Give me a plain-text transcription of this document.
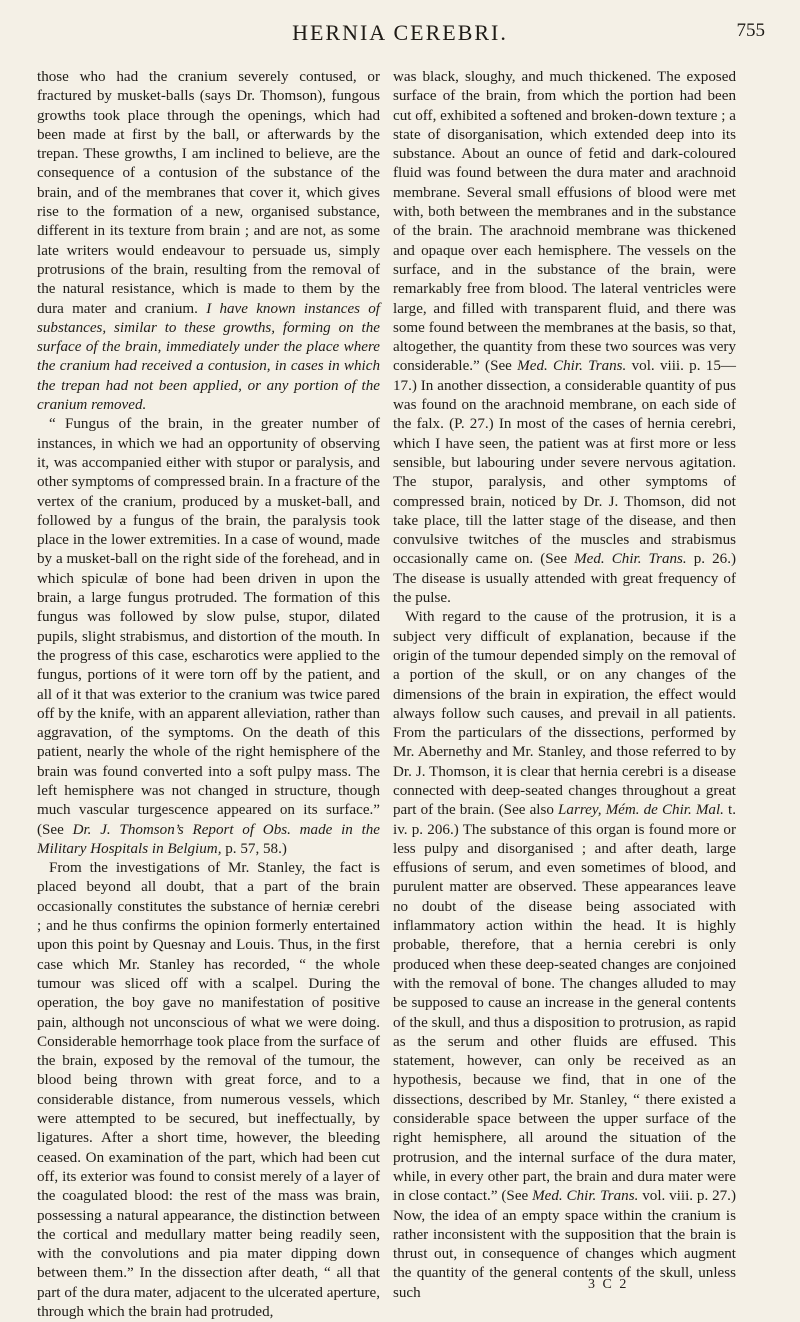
HERNIA CEREBRI.	755

those who had the cranium severely contused, or fractured by musket-balls (says Dr. Thomson), fungous growths took place through the openings, which had been made at first by the ball, or afterwards by the trepan. These growths, I am inclined to believe, are the consequence of a contusion of the substance of the brain, and of the membranes that cover it, which gives rise to the formation of a new, organised substance, different in its texture from brain ; and are not, as some late writers would endeavour to persuade us, simply protrusions of the brain, resulting from the removal of the natural resistance, which is made to them by the dura mater and cranium. I have known instances of substances, similar to these growths, forming on the surface of the brain, immediately under the place where the cranium had received a contusion, in cases in which the trepan had not been applied, or any portion of the cranium removed.

“ Fungus of the brain, in the greater number of instances, in which we had an opportunity of observing it, was accompanied either with stupor or paralysis, and other symptoms of compressed brain. In a fracture of the vertex of the cranium, produced by a musket-ball, and followed by a fungus of the brain, the paralysis took place in the lower extremities. In a case of wound, made by a musket-ball on the right side of the forehead, and in which spiculæ of bone had been driven in upon the brain, a large fungus protruded. The formation of this fungus was followed by slow pulse, stupor, dilated pupils, slight strabismus, and distortion of the mouth. In the progress of this case, escharotics were applied to the fungus, portions of it were torn off by the patient, and all of it that was exterior to the cranium was twice pared off by the knife, with an apparent alleviation, rather than aggravation, of the symptoms. On the death of this patient, nearly the whole of the right hemisphere of the brain was found converted into a soft pulpy mass. The left hemisphere was not changed in structure, though much vascular turgescence appeared on its surface.” (See Dr. J. Thomson’s Report of Obs. made in the Military Hospitals in Belgium, p. 57, 58.)

From the investigations of Mr. Stanley, the fact is placed beyond all doubt, that a part of the brain occasionally constitutes the substance of herniæ cerebri ; and he thus confirms the opinion formerly entertained upon this point by Quesnay and Louis. Thus, in the first case which Mr. Stanley has recorded, “ the whole tumour was sliced off with a scalpel. During the operation, the boy gave no manifestation of positive pain, although not unconscious of what we were doing. Considerable hemorrhage took place from the surface of the brain, exposed by the removal of the tumour, the blood being thrown with great force, and to a considerable distance, from numerous vessels, which were attempted to be secured, but ineffectually, by ligatures. After a short time, however, the bleeding ceased. On examination of the part, which had been cut off, its exterior was found to consist merely of a layer of the coagulated blood: the rest of the mass was brain, possessing a natural appearance, the distinction between the cortical and medullary matter being readily seen, with the convolutions and pia mater dipping down between them.” In the dissection after death, “ all that part of the dura mater, adjacent to the ulcerated aperture, through which the brain had protruded,

was black, sloughy, and much thickened. The exposed surface of the brain, from which the portion had been cut off, exhibited a softened and broken-down texture ; a state of disorganisation, which extended deep into its substance. About an ounce of fetid and dark-coloured fluid was found between the dura mater and arachnoid membrane. Several small effusions of blood were met with, both between the membranes and in the substance of the brain. The arachnoid membrane was thickened and opaque over each hemisphere. The vessels on the surface, and in the substance of the brain, were remarkably free from blood. The lateral ventricles were large, and filled with transparent fluid, and there was some found between the membranes at the basis, so that, altogether, the quantity from these two sources was very considerable.” (See Med. Chir. Trans. vol. viii. p. 15—17.) In another dissection, a considerable quantity of pus was found on the arachnoid membrane, on each side of the falx. (P. 27.) In most of the cases of hernia cerebri, which I have seen, the patient was at first more or less sensible, but labouring under severe nervous agitation. The stupor, paralysis, and other symptoms of compressed brain, noticed by Dr. J. Thomson, did not take place, till the latter stage of the disease, and then convulsive twitches of the muscles and strabismus occasionally came on. (See Med. Chir. Trans. p. 26.) The disease is usually attended with great frequency of the pulse.

With regard to the cause of the protrusion, it is a subject very difficult of explanation, because if the origin of the tumour depended simply on the removal of a portion of the skull, or on any changes of the dimensions of the brain in expiration, the effect would always follow such causes, and prevail in all patients. From the particulars of the dissections, performed by Mr. Abernethy and Mr. Stanley, and those referred to by Dr. J. Thomson, it is clear that hernia cerebri is a disease connected with deep-seated changes throughout a great part of the brain. (See also Larrey, Mém. de Chir. Mal. t. iv. p. 206.) The substance of this organ is found more or less pulpy and disorganised ; and after death, large effusions of serum, and even sometimes of blood, and purulent matter are observed. These appearances leave no doubt of the disease being associated with inflammatory action within the head. It is highly probable, therefore, that a hernia cerebri is only produced when these deep-seated changes are conjoined with the removal of bone. The changes alluded to may be supposed to cause an increase in the general contents of the skull, and thus a disposition to protrusion, as rapid as the serum and other fluids are effused. This statement, however, can only be received as an hypothesis, because we find, that in one of the dissections, described by Mr. Stanley, “ there existed a considerable space between the upper surface of the right hemisphere, all around the situation of the protrusion, and the internal surface of the dura mater, while, in every other part, the brain and dura mater were in close contact.” (See Med. Chir. Trans. vol. viii. p. 27.) Now, the idea of an empty space within the cranium is rather inconsistent with the supposition that the brain is thrust out, in consequence of changes which augment the quantity of the general contents of the skull, unless such

3 C 2
